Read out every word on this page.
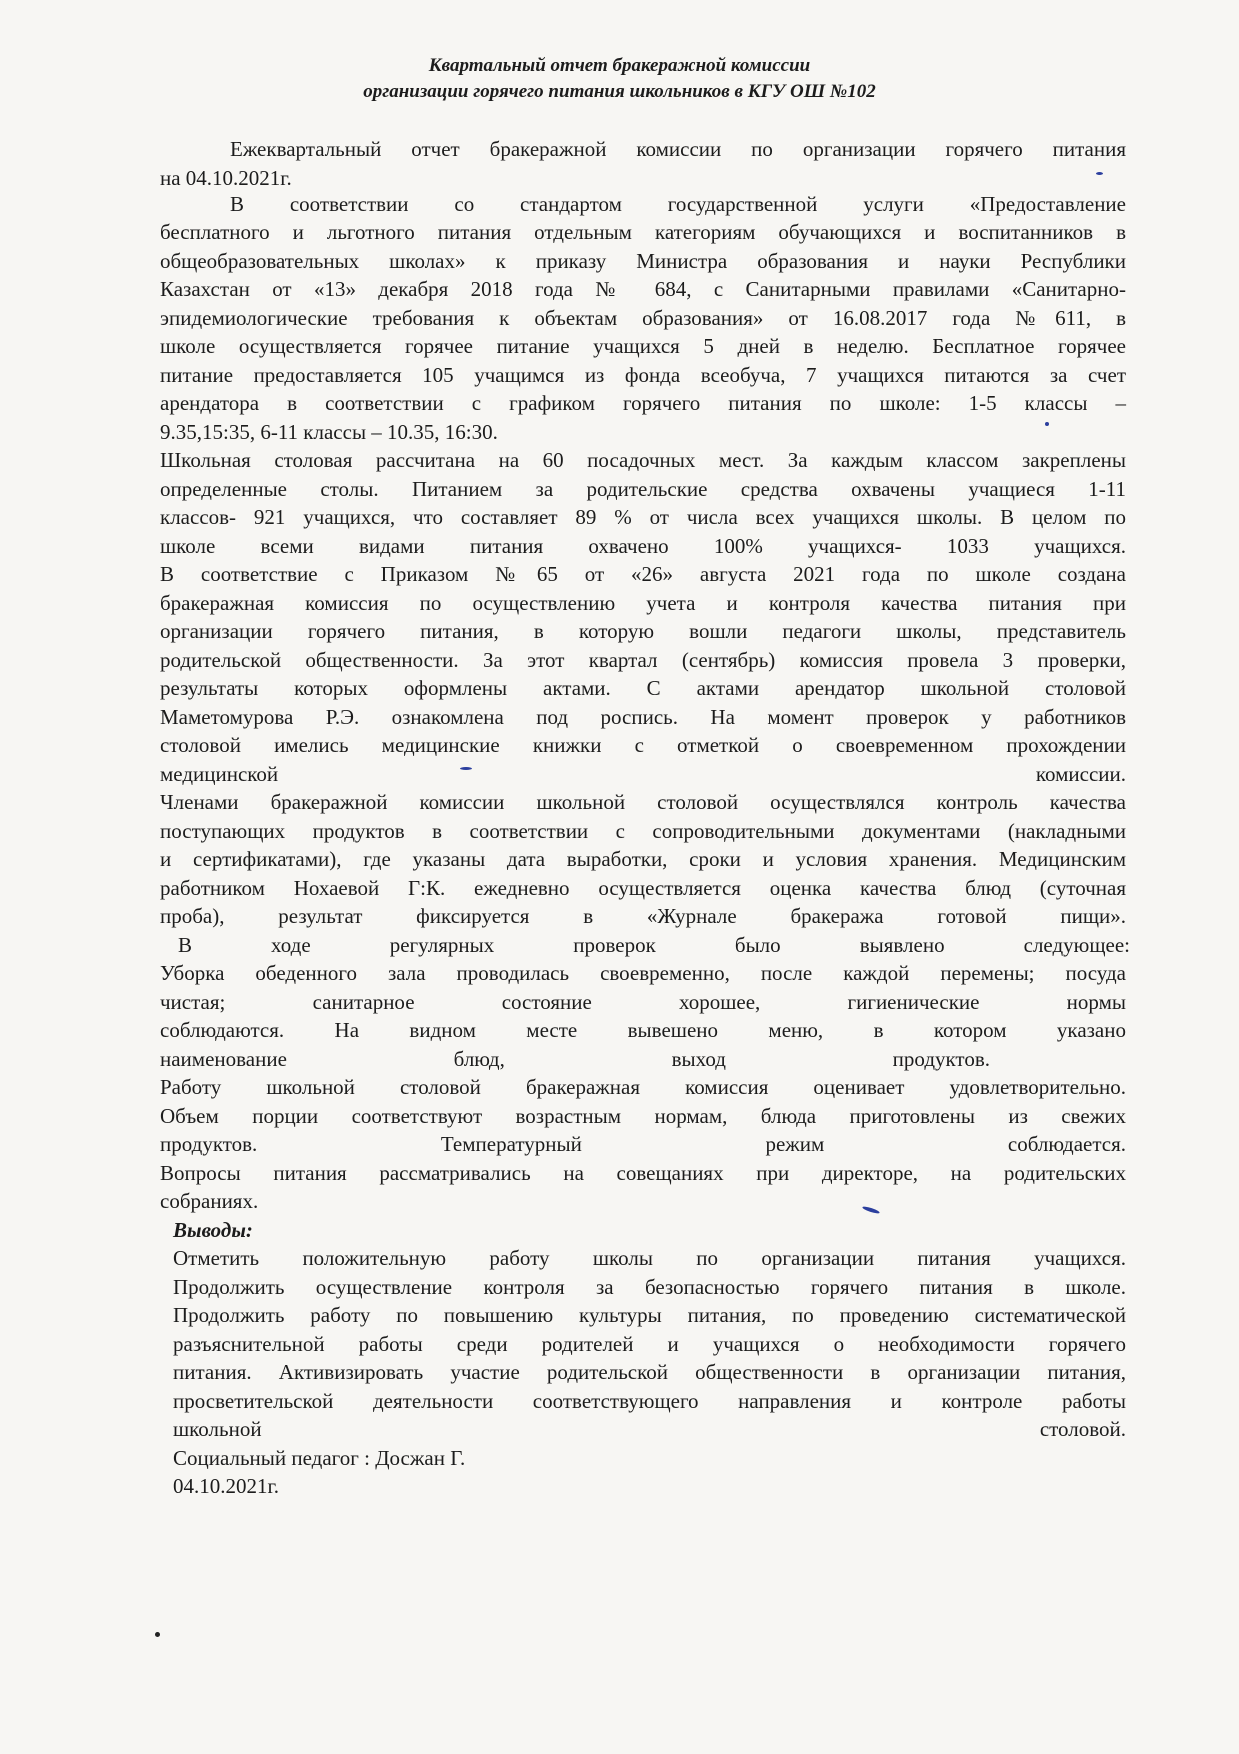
Квартальный отчет бракеражной комиссии
организации горячего питания школьников в КГУ ОШ №102

Ежеквартальный отчет бракеражной комиссии по организации горячего питания

на 04.10.2021г.

В соответствии со стандартом государственной услуги «Предоставление

бесплатного и льготного питания отдельным категориям обучающихся и воспитанников в

общеобразовательных школах» к приказу Министра образования и науки Республики

Казахстан от «13» декабря 2018 года № 684, с Санитарными правилами «Санитарно-

эпидемиологические требования к объектам образования» от 16.08.2017 года №611, в

школе осуществляется горячее питание учащихся 5 дней в неделю. Бесплатное горячее

питание предоставляется 105 учащимся из фонда всеобуча, 7 учащихся питаются за счет

арендатора в соответствии с графиком горячего питания по школе: 1-5 классы –

9.35,15:35, 6-11 классы – 10.35, 16:30.

Школьная столовая рассчитана на 60 посадочных мест. За каждым классом закреплены

определенные столы. Питанием за родительские средства охвачены учащиеся 1-11

классов- 921 учащихся, что составляет 89 % от числа всех учащихся школы. В целом по

школе всеми видами питания охвачено 100% учащихся- 1033 учащихся.

В соответствие с Приказом №65 от «26» августа 2021 года по школе создана

бракеражная комиссия по осуществлению учета и контроля качества питания при

организации горячего питания, в которую вошли педагоги школы, представитель

родительской общественности. За этот квартал (сентябрь) комиссия провела 3 проверки,

результаты которых оформлены актами. С актами арендатор школьной столовой

Маметомурова Р.Э. ознакомлена под роспись. На момент проверок у работников

столовой имелись медицинские книжки с отметкой о своевременном прохождении

медицинской	комиссии.

Членами бракеражной комиссии школьной столовой осуществлялся контроль качества

поступающих продуктов в соответствии с сопроводительными документами (накладными

и сертификатами), где указаны дата выработки, сроки и условия хранения. Медицинским

работником Нохаевой Г:К. ежедневно осуществляется оценка качества блюд (суточная

проба), результат фиксируется в «Журнале бракеража готовой пищи».

В ходе регулярных проверок было выявлено следующее:

Уборка обеденного зала проводилась своевременно, после каждой перемены; посуда

чистая; санитарное состояние хорошее, гигиенические нормы

соблюдаются. На видном месте вывешено меню, в котором указано

наименование блюд, выход продуктов.

Работу школьной столовой бракеражная комиссия оценивает удовлетворительно.

Объем порции соответствуют возрастным нормам, блюда приготовлены из свежих

продуктов. Температурный режим соблюдается.

Вопросы питания рассматривались на совещаниях при директоре, на родительских

собраниях.

Выводы:

Отметить положительную работу школы по организации питания учащихся.

Продолжить осуществление контроля за безопасностью горячего питания в школе.

Продолжить работу по повышению культуры питания, по проведению систематической

разъяснительной работы среди родителей и учащихся о необходимости горячего

питания. Активизировать участие родительской общественности в организации питания,

просветительской деятельности соответствующего направления и контроле работы

школьной	столовой.

Социальный педагог : Досжан Г.

04.10.2021г.
